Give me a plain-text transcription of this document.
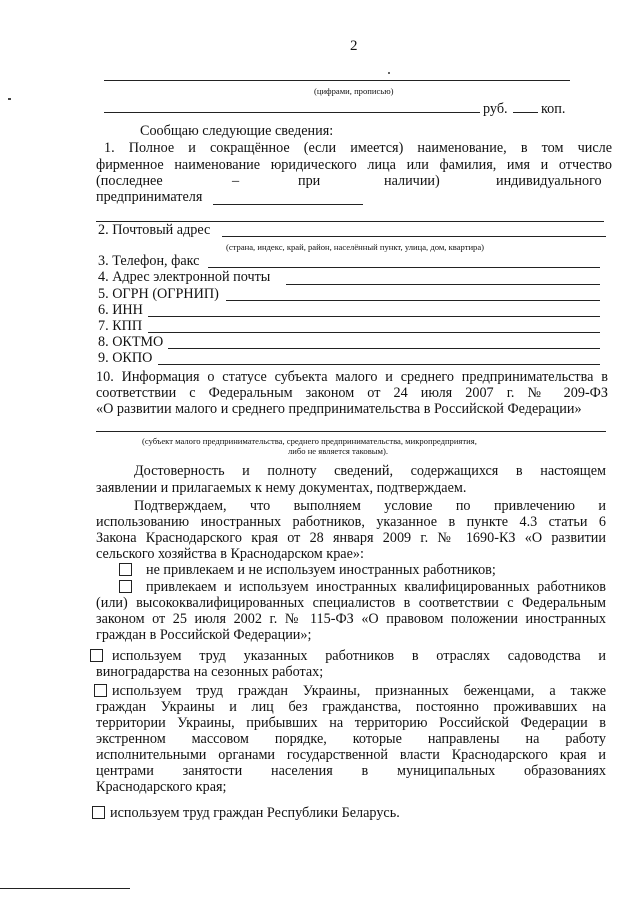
2
(цифрами, прописью)
руб. коп.
Сообщаю следующие сведения:
1. Полное и сокращённое (если имеется) наименование, в том числе
фирменное наименование юридического лица или фамилия, имя и отчество
(последнее	–	при	наличии)	индивидуального
предпринимателя
2. Почтовый адрес
(страна, индекс, край, район, населённый пункт, улица, дом, квартира)
3. Телефон, факс
4. Адрес электронной почты
5. ОГРН (ОГРНИП)
6. ИНН
7. КПП
8. ОКТМО
9. ОКПО
10. Информация о статусе субъекта малого и среднего предпринимательства в
соответствии с Федеральным законом от 24 июля 2007 г. № 209-ФЗ
«О развитии малого и среднего предпринимательства в Российской Федерации»
(субъект малого предпринимательства, среднего предпринимательства, микропредприятия,
либо не является таковым).
Достоверность и полноту сведений, содержащихся в настоящем
заявлении и прилагаемых к нему документах, подтверждаем.
Подтверждаем, что выполняем условие по привлечению и
использованию иностранных работников, указанное в пункте 4.3 статьи 6
Закона Краснодарского края от 28 января 2009 г. № 1690-КЗ «О развитии
сельского хозяйства в Краснодарском крае»:
не привлекаем и не используем иностранных работников;
привлекаем и используем иностранных квалифицированных работников
(или) высококвалифицированных специалистов в соответствии с Федеральным
законом от 25 июля 2002 г. № 115-ФЗ «О правовом положении иностранных
граждан в Российской Федерации»;
используем труд указанных работников в отраслях садоводства и
виноградарства на сезонных работах;
используем труд граждан Украины, признанных беженцами, а также
граждан Украины и лиц без гражданства, постоянно проживавших на
территории Украины, прибывших на территорию Российской Федерации в
экстренном массовом порядке, которые направлены на работу
исполнительными органами государственной власти Краснодарского края и
центрами занятости населения в муниципальных образованиях
Краснодарского края;
используем труд граждан Республики Беларусь.
